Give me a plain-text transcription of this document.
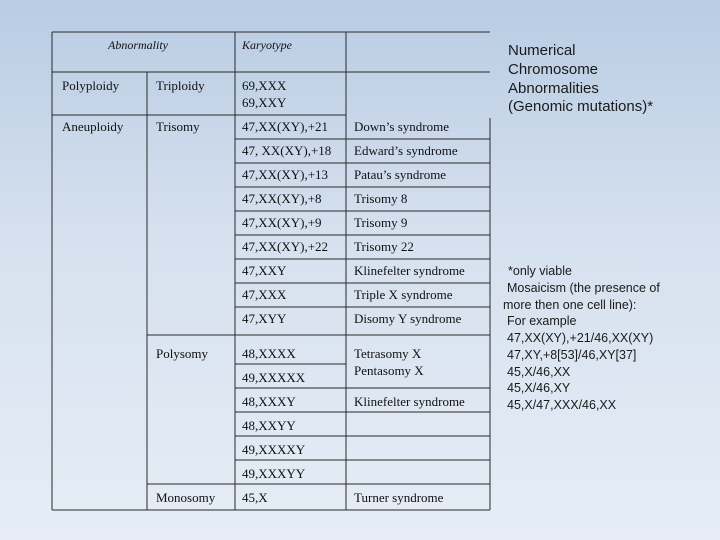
Abnormality	Karyotype
Polyploidy
Aneuploidy
Triploidy
Trisomy
Polysomy
Monosomy
69,XXX
69,XXY
47,XX(XY),+21
47, XX(XY),+18
47,XX(XY),+13
47,XX(XY),+8
47,XX(XY),+9
47,XX(XY),+22
47,XXY
47,XXX
47,XYY
48,XXXX
49,XXXXX
48,XXXY
48,XXYY
49,XXXXY
49,XXXYY
45,X
Down’s syndrome
Edward’s syndrome
Patau’s syndrome
Trisomy 8
Trisomy 9
Trisomy 22
Klinefelter syndrome
Triple X syndrome
Disomy Y syndrome
Tetrasomy X
Pentasomy X
Klinefelter syndrome
Turner syndrome
Numerical
Chromosome
Abnormalities
(Genomic mutations)*
*only viable
Mosaicism (the presence of
more then one cell line):
For example
47,XX(XY),+21/46,XX(XY)
47,XY,+8[53]/46,XY[37]
45,X/46,XX
45,X/46,XY
45,X/47,XXX/46,XX
